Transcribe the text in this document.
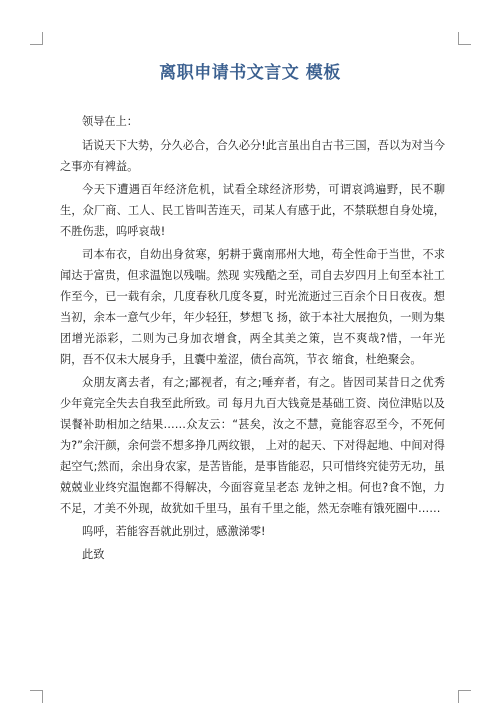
离职申请书文言文 模板

领导在上：

话说天下大势，分久必合，合久必分!此言虽出自古书三国，吾以为对当今之事亦有裨益。

今天下遭遇百年经济危机，试看全球经济形势，可谓哀鸿遍野，民不聊生，众厂商、工人、民工皆叫苦连天，司某人有感于此，不禁联想自身处境，不胜伤悲，呜呼哀哉!

司本布衣，自幼出身贫寒，躬耕于冀南邢州大地，苟全性命于当世，不求闻达于富贵，但求温饱以残喘。然现 实残酷之至，司自去岁四月上旬至本社工作至今，已一载有余，几度春秋几度冬夏，时光流逝过三百余个日日夜夜。想当初，余本一意气少年，年少轻狂，梦想飞 扬，欲于本社大展抱负，一则为集团增光添彩，二则为己身加衣增食，两全其美之策，岂不爽哉?惜，一年光阴，吾不仅未大展身手，且囊中羞涩，债台高筑，节衣 缩食，杜绝聚会。

众朋友离去者，有之;鄙视者，有之;唾弃者，有之。皆因司某昔日之优秀少年竟完全失去自我至此所致。司 每月九百大钱竟是基础工资、岗位津贴以及误餐补助相加之结果……众友云：“甚矣，汝之不慧，竟能容忍至今，不死何为?”余汗颜，余何尝不想多挣几两纹银， 上对的起天、下对得起地、中间对得起空气;然而，余出身农家，是苦皆能，是事皆能忍，只可惜终究徒劳无功，虽兢兢业业终究温饱都不得解决，今面容竟呈老态 龙钟之相。何也?食不饱，力不足，才美不外现，故犹如千里马，虽有千里之能，然无奈唯有饿死圈中……

呜呼，若能容吾就此别过，感激涕零!

此致
